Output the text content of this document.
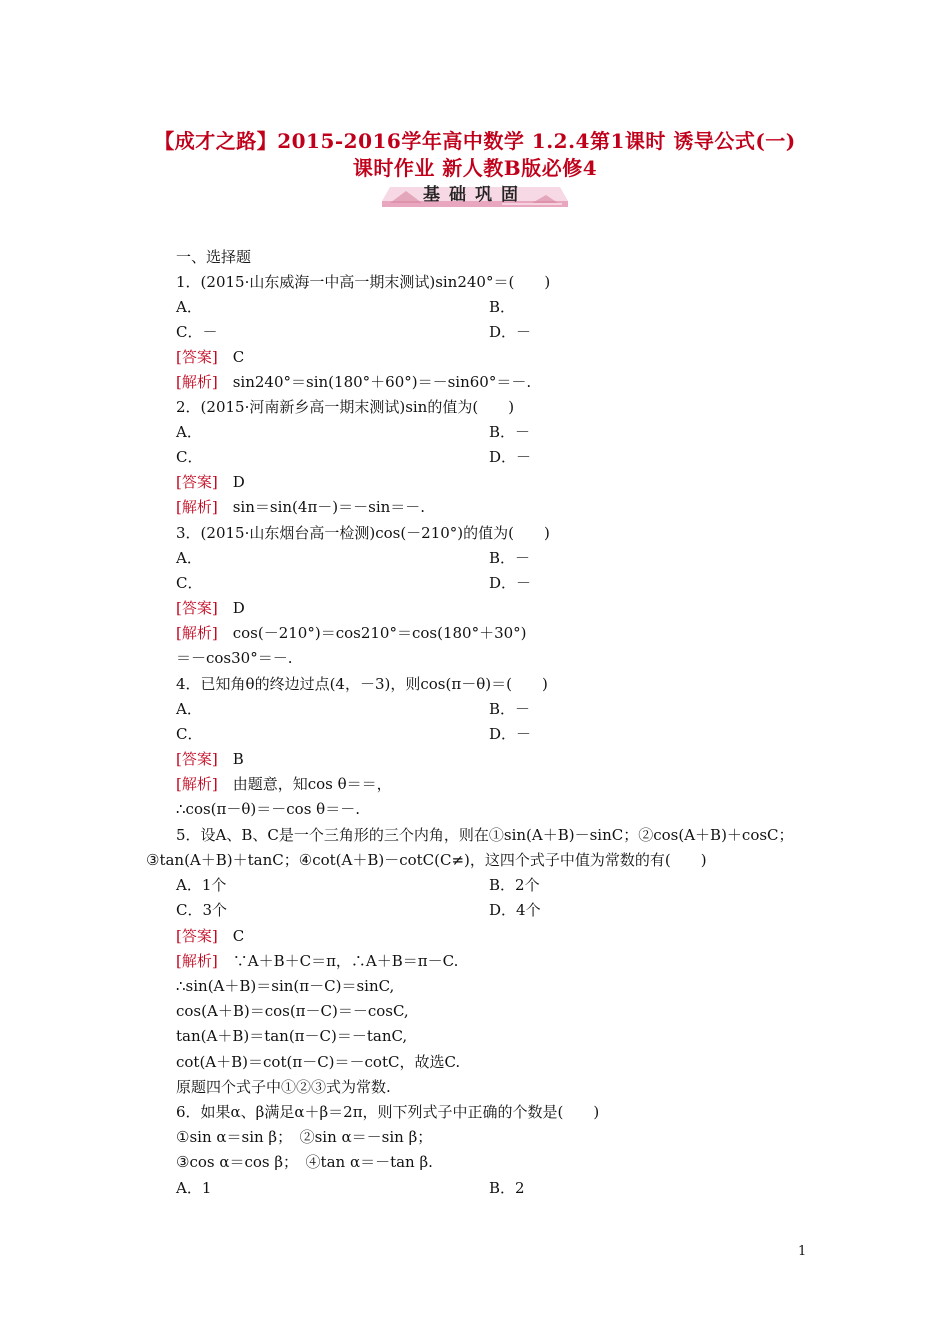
【成才之路】2015-2016学年高中数学 1.2.4第1课时 诱导公式(一)
课时作业 新人教B版必修4
基础巩固
一、选择题
1．(2015·山东威海一中高一期末测试)sin240°＝(　　)
A．	B．
C．－	D．－
[答案]　 C
[解析]　 sin240°＝sin(180°＋60°)＝－sin60°＝－.
2．(2015·河南新乡高一期末测试)sin的值为(　　)
A．	B．－
C．	D．－
[答案]　 D
[解析]　 sin＝sin(4π－)＝－sin＝－.
3．(2015·山东烟台高一检测)cos(－210°)的值为(　　)
A．	B．－
C．	D．－
[答案]　 D
[解析]　 cos(－210°)＝cos210°＝cos(180°＋30°)
＝－cos30°＝－.
4．已知角θ的终边过点(4，－3)，则cos(π－θ)＝(　　)
A．	B．－
C．	D．－
[答案]　 B
[解析]　 由题意，知cos θ＝＝，
∴cos(π－θ)＝－cos θ＝－.
5．设A、B、C是一个三角形的三个内角，则在①sin(A＋B)－sinC；②cos(A＋B)＋cosC；
③tan(A＋B)＋tanC；④cot(A＋B)－cotC(C≠)，这四个式子中值为常数的有(　　)
A．1个	B．2个
C．3个	D．4个
[答案]　 C
[解析]　 ∵A＋B＋C＝π，∴A＋B＝π－C.
∴sin(A＋B)＝sin(π－C)＝sinC,
cos(A＋B)＝cos(π－C)＝－cosC,
tan(A＋B)＝tan(π－C)＝－tanC,
cot(A＋B)＝cot(π－C)＝－cotC，故选C.
原题四个式子中①②③式为常数.
6．如果α、β满足α＋β＝2π，则下列式子中正确的个数是(　　)
①sin α＝sin β；　②sin α＝－sin β；
③cos α＝cos β；　④tan α＝－tan β.
A．1	B．2
1
